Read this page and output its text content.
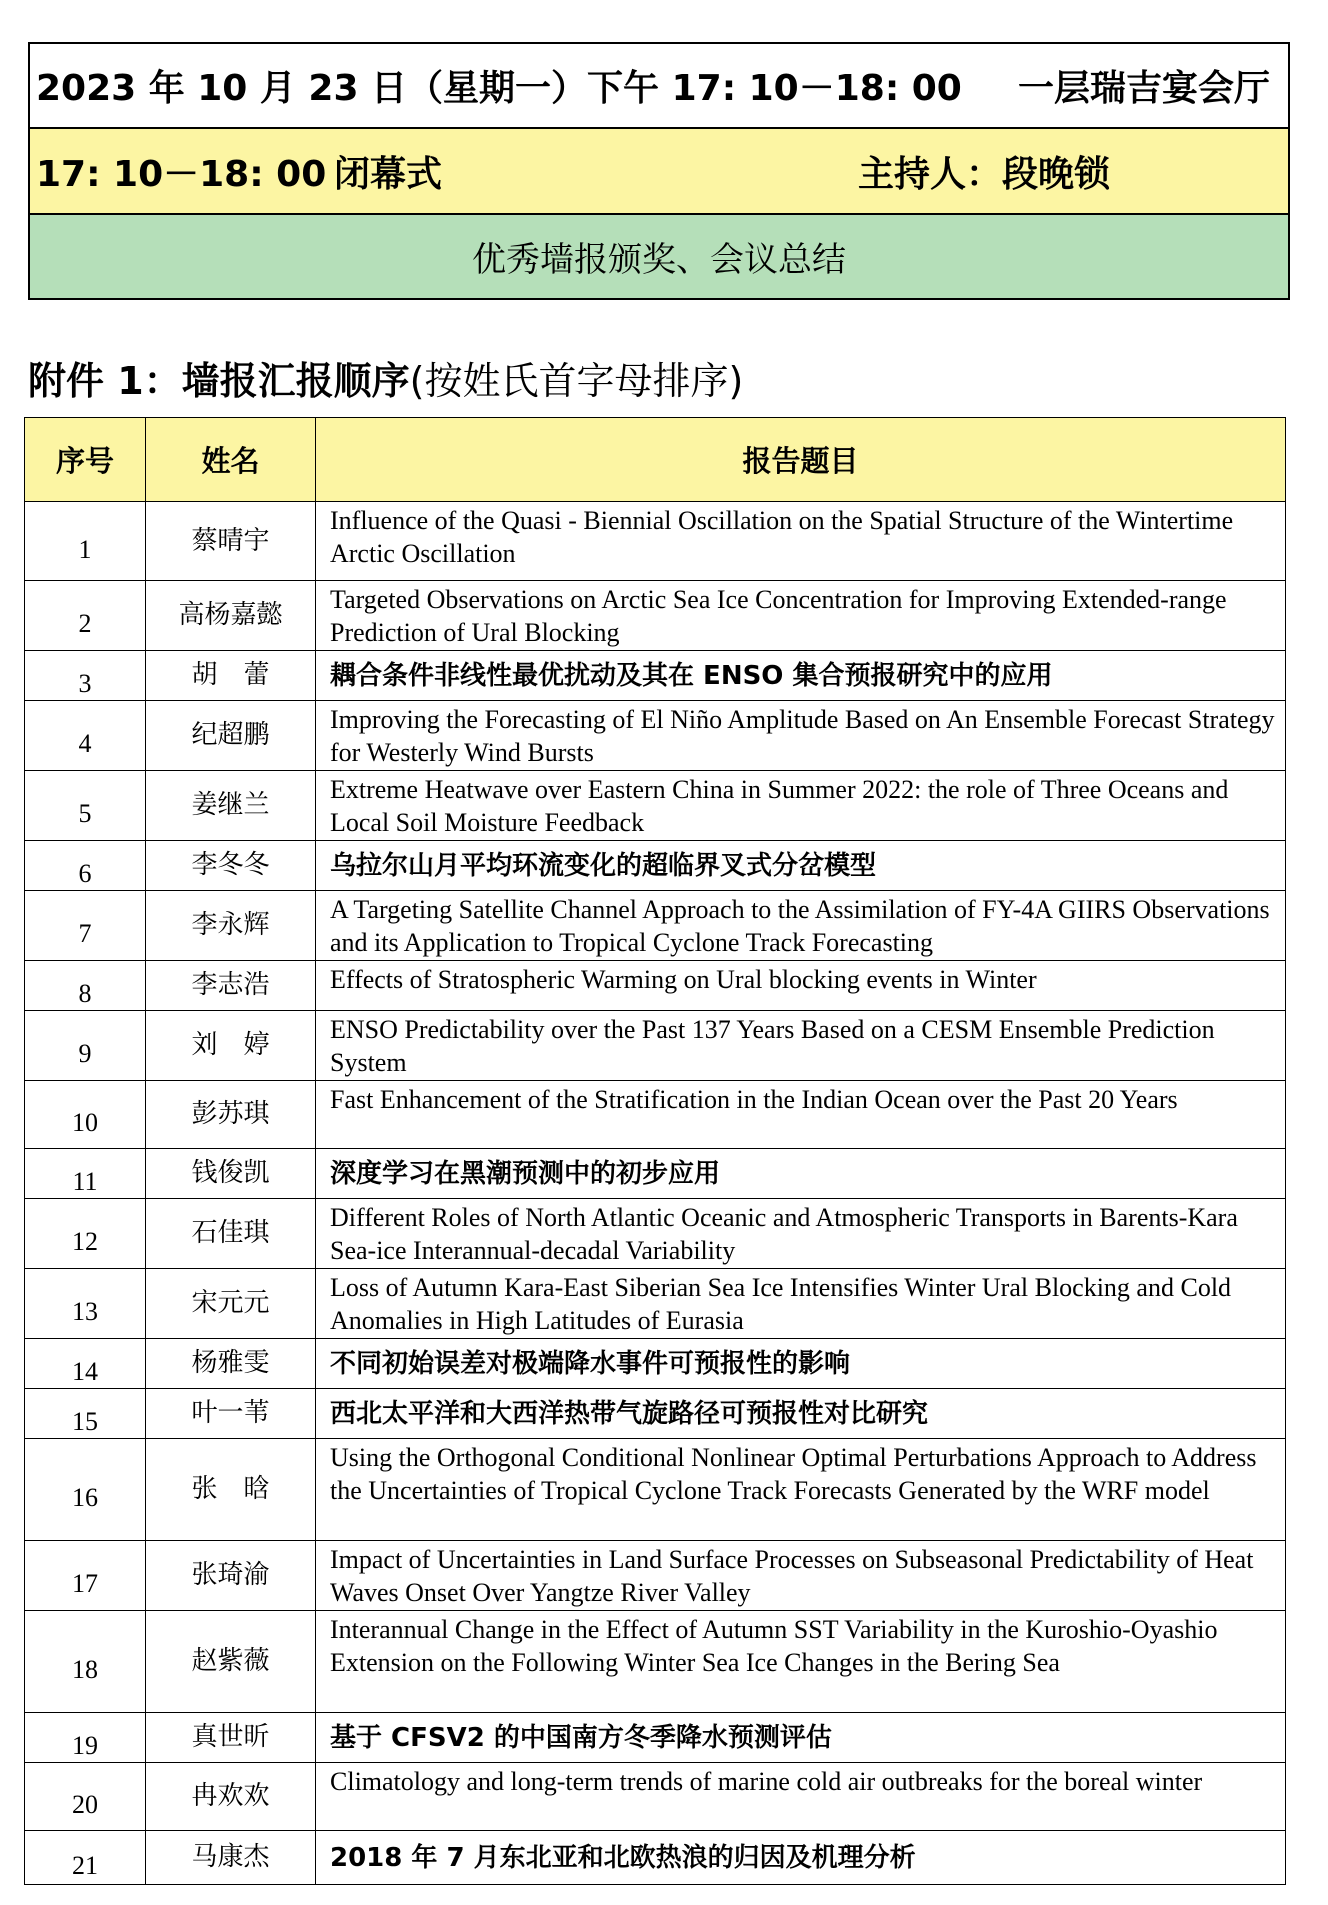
2023 年 10 月 23 日（星期一）下午 17: 10－18: 00 一层瑞吉宴会厅
17: 10－18: 00 闭幕式	主持人：段晚锁
优秀墙报颁奖、会议总结
附件 1：墙报汇报顺序(按姓氏首字母排序)
序号	姓名	报告题目
1	蔡晴宇	Influence of the Quasi - Biennial Oscillation on the Spatial Structure of the Wintertime Arctic Oscillation
2	高杨嘉懿	Targeted Observations on Arctic Sea Ice Concentration for Improving Extended-range Prediction of Ural Blocking
3	胡　蕾	耦合条件非线性最优扰动及其在 ENSO 集合预报研究中的应用
4	纪超鹏	Improving the Forecasting of El Niño Amplitude Based on An Ensemble Forecast Strategy for Westerly Wind Bursts
5	姜继兰	Extreme Heatwave over Eastern China in Summer 2022: the role of Three Oceans and Local Soil Moisture Feedback
6	李冬冬	乌拉尔山月平均环流变化的超临界叉式分岔模型
7	李永辉	A Targeting Satellite Channel Approach to the Assimilation of FY-4A GIIRS Observations and its Application to Tropical Cyclone Track Forecasting
8	李志浩	Effects of Stratospheric Warming on Ural blocking events in Winter
9	刘　婷	ENSO Predictability over the Past 137 Years Based on a CESM Ensemble Prediction System
10	彭苏琪	Fast Enhancement of the Stratification in the Indian Ocean over the Past 20 Years
11	钱俊凯	深度学习在黑潮预测中的初步应用
12	石佳琪	Different Roles of North Atlantic Oceanic and Atmospheric Transports in Barents-Kara Sea-ice Interannual-decadal Variability
13	宋元元	Loss of Autumn Kara-East Siberian Sea Ice Intensifies Winter Ural Blocking and Cold Anomalies in High Latitudes of Eurasia
14	杨雅雯	不同初始误差对极端降水事件可预报性的影响
15	叶一苇	西北太平洋和大西洋热带气旋路径可预报性对比研究
16	张　晗	Using the Orthogonal Conditional Nonlinear Optimal Perturbations Approach to Address the Uncertainties of Tropical Cyclone Track Forecasts Generated by the WRF model
17	张琦渝	Impact of Uncertainties in Land Surface Processes on Subseasonal Predictability of Heat Waves Onset Over Yangtze River Valley
18	赵紫薇	Interannual Change in the Effect of Autumn SST Variability in the Kuroshio-Oyashio Extension on the Following Winter Sea Ice Changes in the Bering Sea
19	真世昕	基于 CFSV2 的中国南方冬季降水预测评估
20	冉欢欢	Climatology and long-term trends of marine cold air outbreaks for the boreal winter
21	马康杰	2018 年 7 月东北亚和北欧热浪的归因及机理分析
